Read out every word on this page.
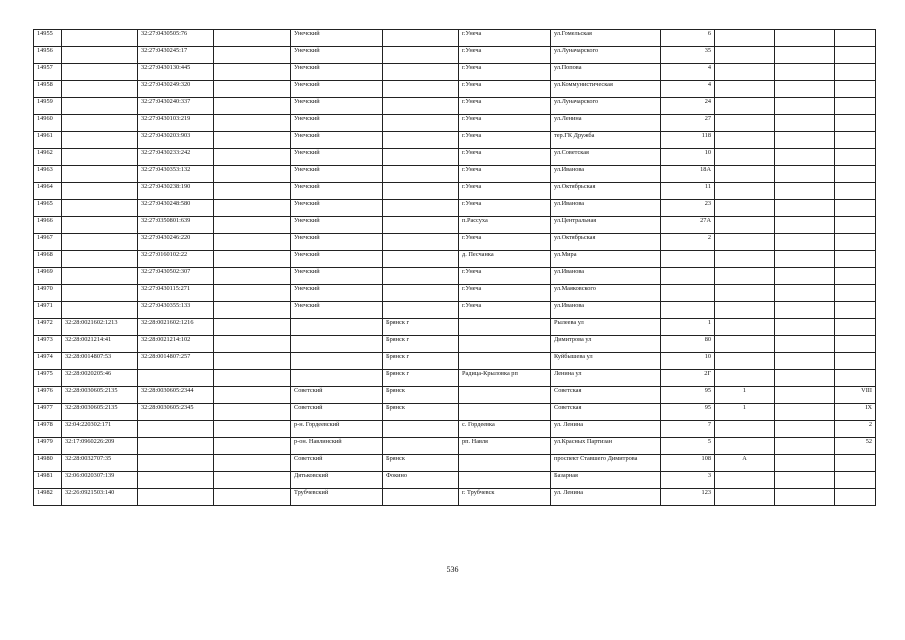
14955		32:27:0430505:76		Унечский		г.Унеча	ул.Гомельская	6			
14956		32:27:0430245:17		Унечский		г.Унеча	ул.Луначарского	35			
14957		32:27:0430130:445		Унечский		г.Унеча	ул.Попова	4			
14958		32:27:0430249:320		Унечский		г.Унеча	ул.Коммунистическая	4			
14959		32:27:0430240:337		Унечский		г.Унеча	ул.Луначарского	24			
14960		32:27:0430103:219		Унечский		г.Унеча	ул.Ленина	27			
14961		32:27:0430203:903		Унечский		г.Унеча	тер.ГК Дружба	118			
14962		32:27:0430233:242		Унечский		г.Унеча	ул.Советская	10			
14963		32:27:0430353:132		Унечский		г.Унеча	ул.Иванова	18А			
14964		32:27:0430238:190		Унечский		г.Унеча	ул.Октябрьская	11			
14965		32:27:0430248:580		Унечский		г.Унеча	ул.Иванова	23			
14966		32:27:0350801:639		Унечский		п.Рассуха	ул.Центральная	27А			
14967		32:27:0430246:220		Унечский		г.Унеча	ул.Октябрьская	2			
14968		32:27:0160102:22		Унечский		д. Песчанка	ул.Мира				
14969		32:27:0430502:307		Унечский		г.Унеча	ул.Иванова				
14970		32:27:0430115:271		Унечский		г.Унеча	ул.Маяковского				
14971		32:27:0430355:133		Унечский		г.Унеча	ул.Иванова				
14972	32:28:0021602:1213	32:28:0021602:1216			Брянск г		Рылеева ул	1			
14973	32:28:0021214:41	32:28:0021214:102			Брянск г		Димитрова ул	80			
14974	32:28:0014807:53	32:28:0014807:257			Брянск г		Куйбышева ул	10			
14975	32:28:0020205:46				Брянск г	Радица-Крыловка рп	Ленина ул	2Г			
14976	32:28:0030605:2135	32:28:0030605:2344		Советский	Брянск		Советская	95	1		VIII
14977	32:28:0030605:2135	32:28:0030605:2345		Советский	Брянск		Советская	95	1		IX
14978	32:04:220302:171			р-н. Гордеевский		с. Гордеевка	ул. Ленина	7			2
14979	32:17:0960226:209			р-он. Навлинский		рп. Навля	ул.Красных Партизан	5			52
14980	32:28:0032707:35			Советский	Брянск		проспект Ставшего Димитрова	108	А		
14981	32:06:0020307:139			Дятьковский	Фокино		Базарная	3			
14982	32:26:0921503:140			Трубчевский		г. Трубчевск	ул. Ленина	123			
536
